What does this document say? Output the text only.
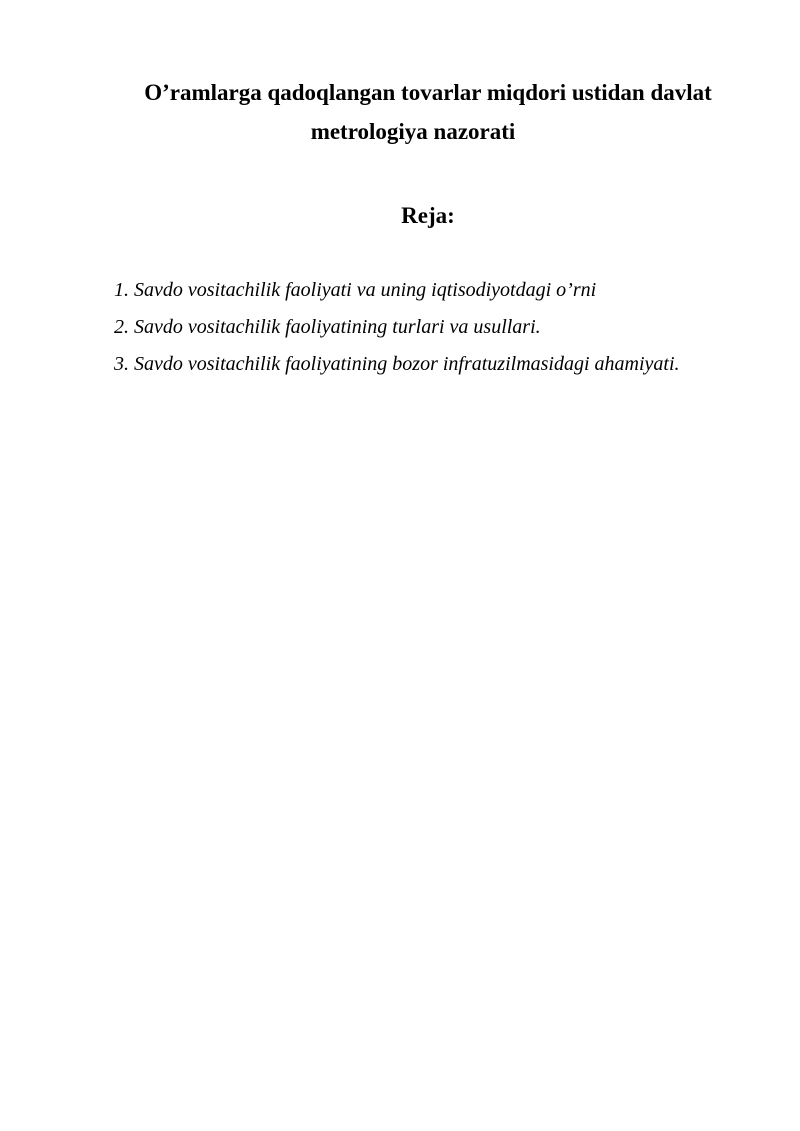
O’ramlarga qadoqlangan tovarlar miqdori ustidan davlat
metrologiya nazorati
Reja:
1. Savdo vositachilik faoliyati va uning iqtisodiyotdagi o’rni
2. Savdo vositachilik faoliyatining turlari va usullari.
3. Savdo vositachilik faoliyatining bozor infratuzilmasidagi ahamiyati.
